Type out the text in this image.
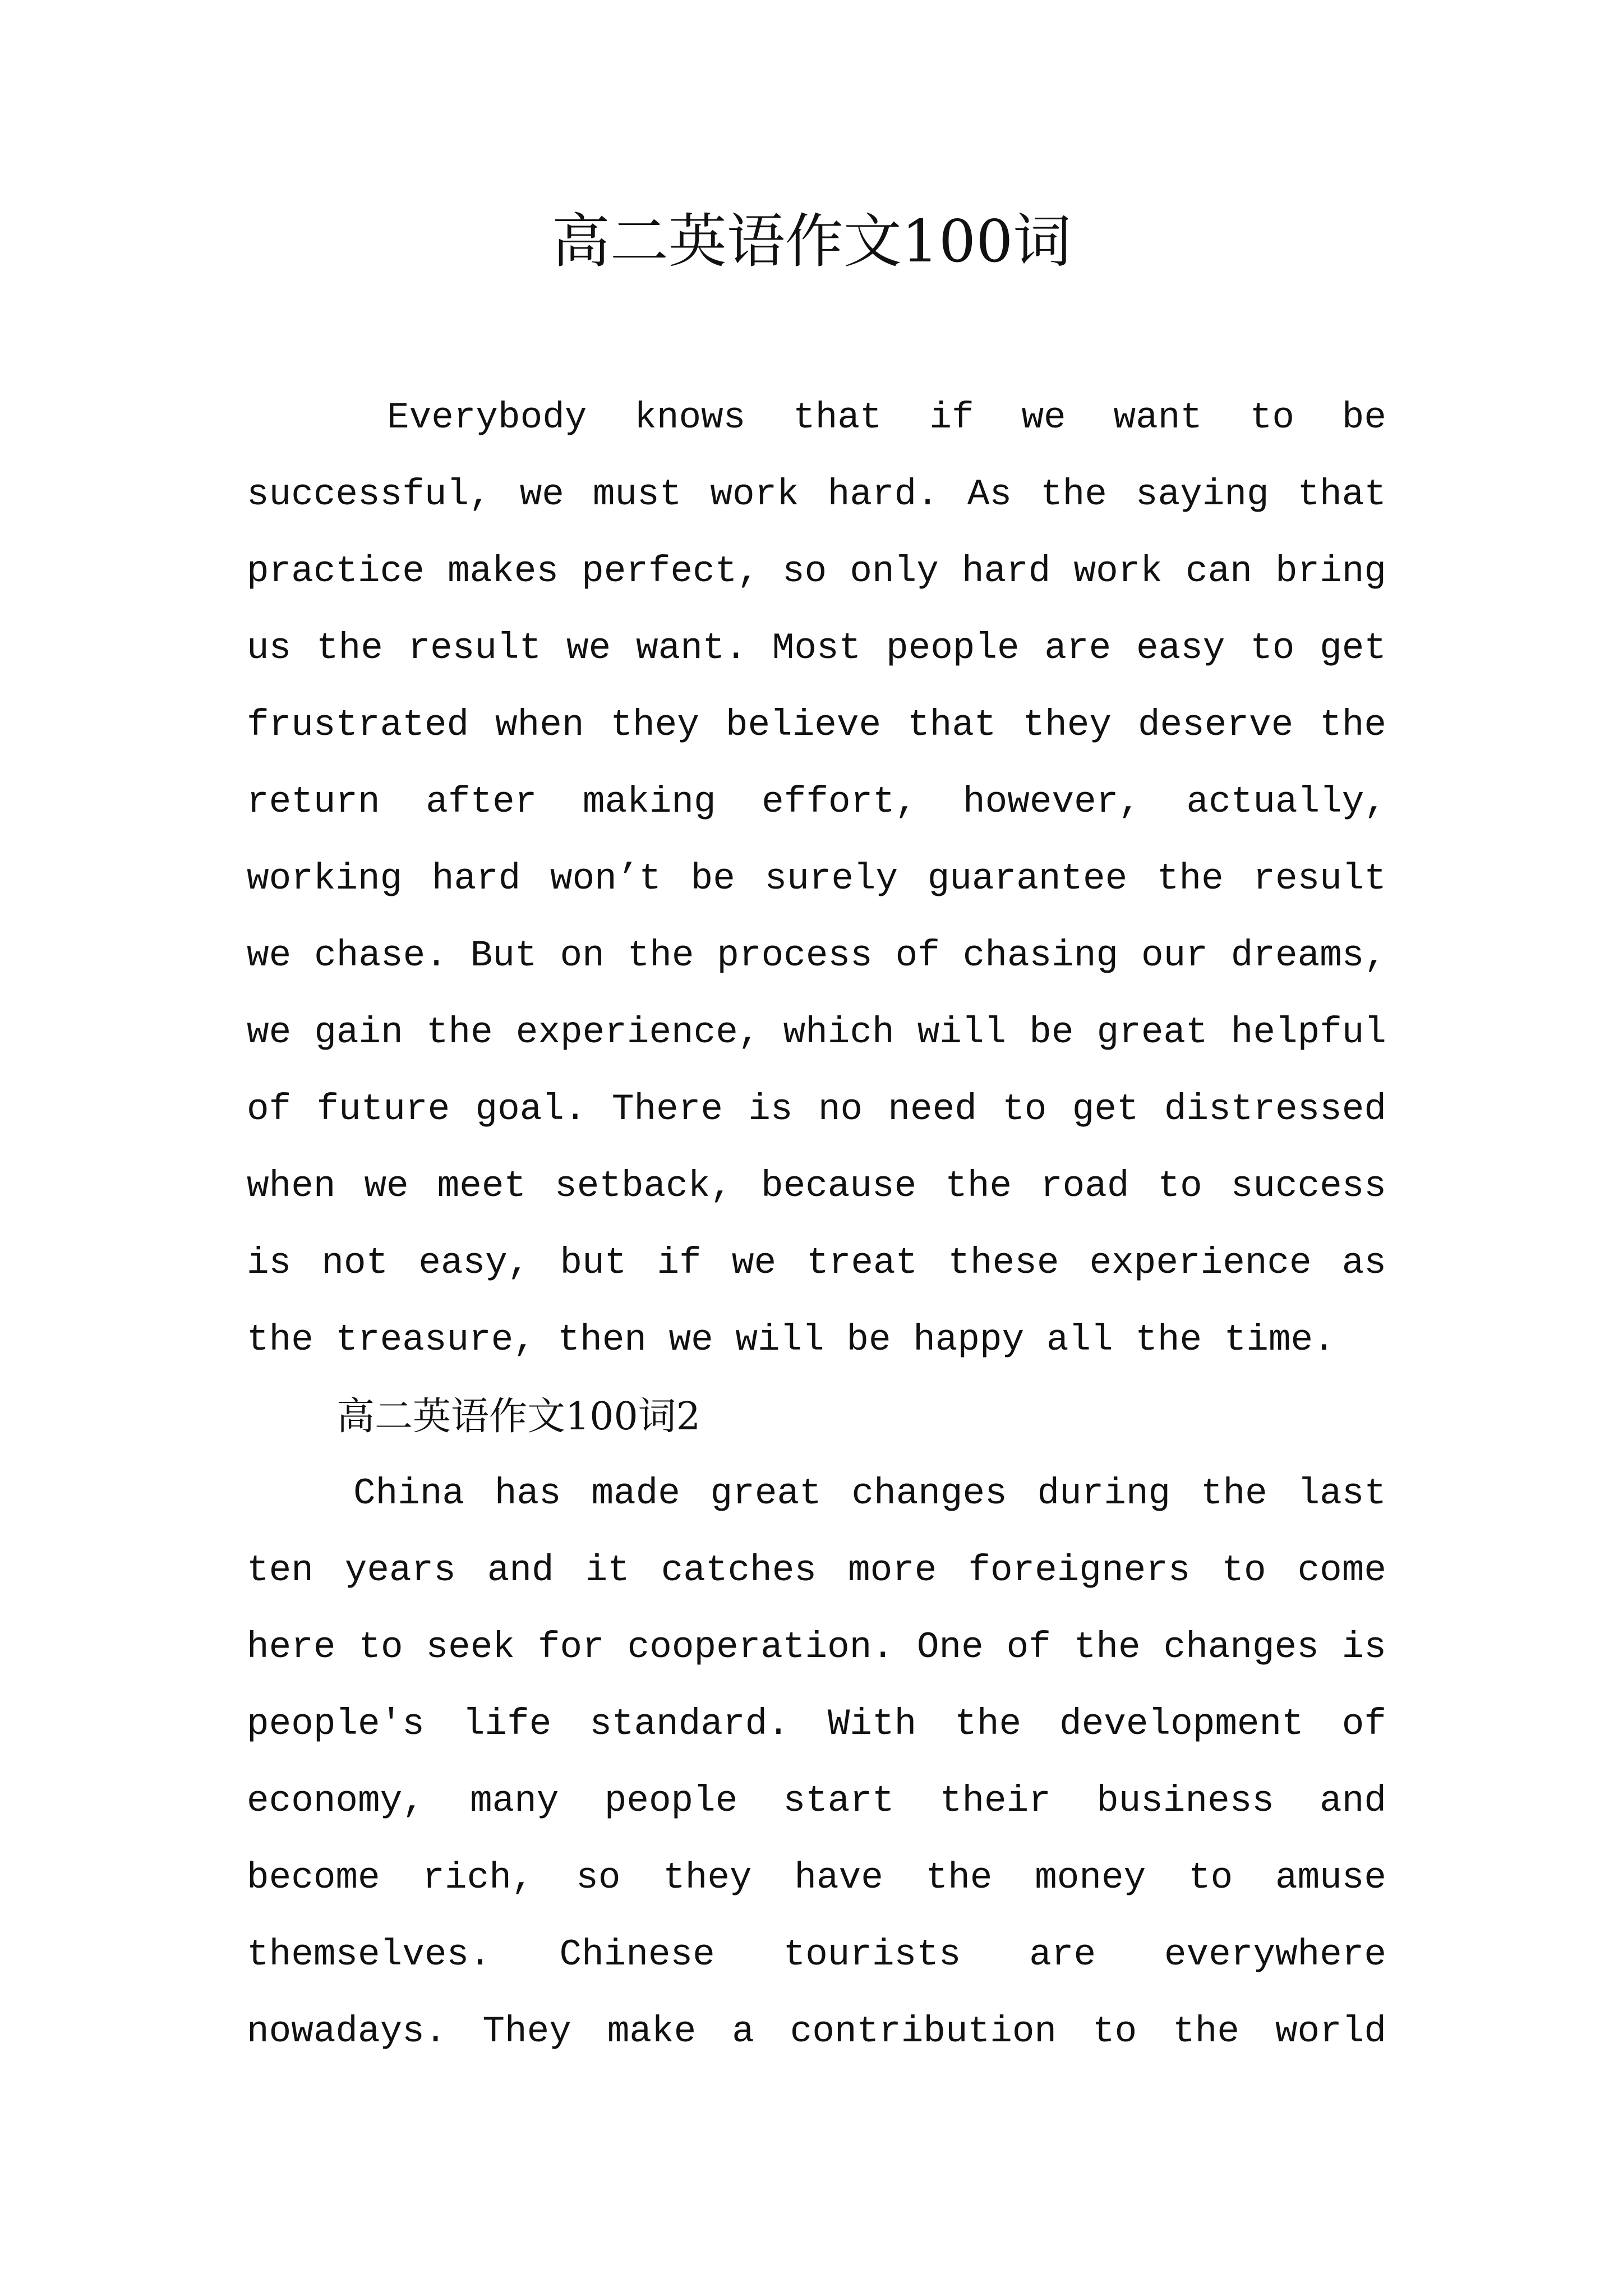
高二英语作文100词
Everybody knows that if we want to be
successful, we must work hard. As the saying that
practice makes perfect, so only hard work can bring
us the result we want. Most people are easy to get
frustrated when they believe that they deserve the
return after making effort, however, actually,
working hard won’t be surely guarantee the result
we chase. But on the process of chasing our dreams,
we gain the experience, which will be great helpful
of future goal. There is no need to get distressed
when we meet setback, because the road to success
is not easy, but if we treat these experience as
the treasure, then we will be happy all the time.
高二英语作文100词2
China has made great changes during the last
ten years and it catches more foreigners to come
here to seek for cooperation. One of the changes is
people's life standard. With the development of
economy, many people start their business and
become rich, so they have the money to amuse
themselves. Chinese tourists are everywhere
nowadays. They make a contribution to the world
